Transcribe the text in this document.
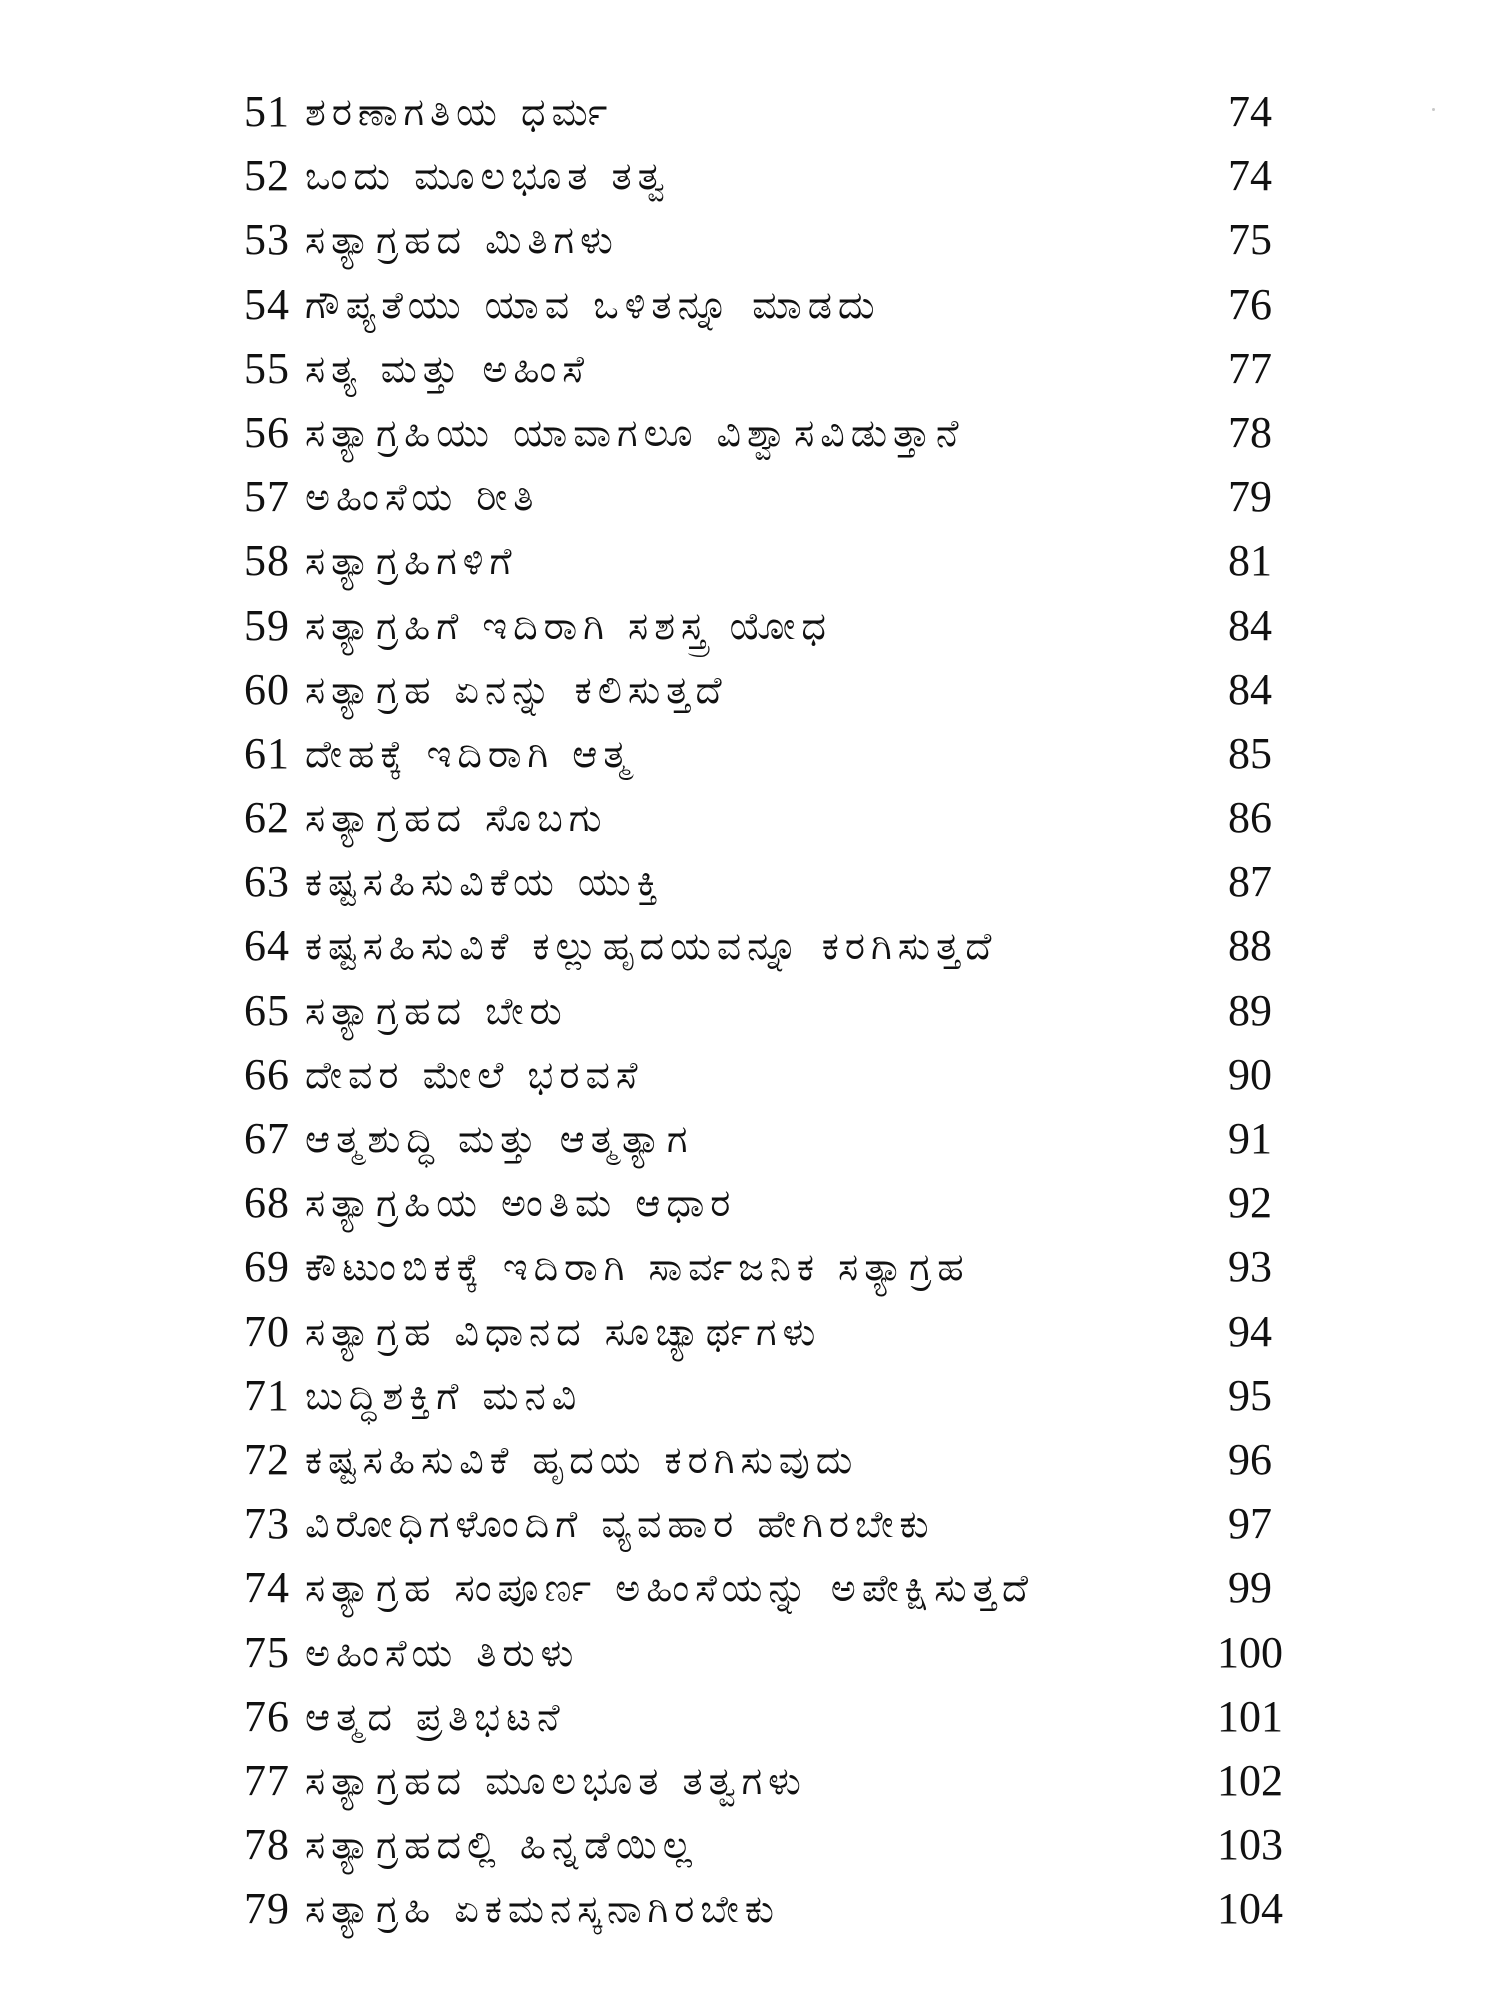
51 ಶರಣಾಗತಿಯ ಧರ್ಮ	74
52 ಒಂದು ಮೂಲಭೂತ ತತ್ವ	74
53 ಸತ್ಯಾಗ್ರಹದ ಮಿತಿಗಳು	75
54 ಗೌಪ್ಯತೆಯು ಯಾವ ಒಳಿತನ್ನೂ ಮಾಡದು	76
55 ಸತ್ಯ ಮತ್ತು ಅಹಿಂಸೆ	77
56 ಸತ್ಯಾಗ್ರಹಿಯು ಯಾವಾಗಲೂ ವಿಶ್ವಾಸವಿಡುತ್ತಾನೆ	78
57 ಅಹಿಂಸೆಯ ರೀತಿ	79
58 ಸತ್ಯಾಗ್ರಹಿಗಳಿಗೆ	81
59 ಸತ್ಯಾಗ್ರಹಿಗೆ ಇದಿರಾಗಿ ಸಶಸ್ತ್ರ ಯೋಧ	84
60 ಸತ್ಯಾಗ್ರಹ ಏನನ್ನು ಕಲಿಸುತ್ತದೆ	84
61 ದೇಹಕ್ಕೆ ಇದಿರಾಗಿ ಆತ್ಮ	85
62 ಸತ್ಯಾಗ್ರಹದ ಸೊಬಗು	86
63 ಕಷ್ಟಸಹಿಸುವಿಕೆಯ ಯುಕ್ತಿ	87
64 ಕಷ್ಟಸಹಿಸುವಿಕೆ ಕಲ್ಲುಹೃದಯವನ್ನೂ ಕರಗಿಸುತ್ತದೆ	88
65 ಸತ್ಯಾಗ್ರಹದ ಬೇರು	89
66 ದೇವರ ಮೇಲೆ ಭರವಸೆ	90
67 ಆತ್ಮಶುದ್ಧಿ ಮತ್ತು ಆತ್ಮತ್ಯಾಗ	91
68 ಸತ್ಯಾಗ್ರಹಿಯ ಅಂತಿಮ ಆಧಾರ	92
69 ಕೌಟುಂಬಿಕಕ್ಕೆ ಇದಿರಾಗಿ ಸಾರ್ವಜನಿಕ ಸತ್ಯಾಗ್ರಹ	93
70 ಸತ್ಯಾಗ್ರಹ ವಿಧಾನದ ಸೂಚ್ಯಾರ್ಥಗಳು	94
71 ಬುದ್ಧಿಶಕ್ತಿಗೆ ಮನವಿ	95
72 ಕಷ್ಟಸಹಿಸುವಿಕೆ ಹೃದಯ ಕರಗಿಸುವುದು	96
73 ವಿರೋಧಿಗಳೊಂದಿಗೆ ವ್ಯವಹಾರ ಹೇಗಿರಬೇಕು	97
74 ಸತ್ಯಾಗ್ರಹ ಸಂಪೂರ್ಣ ಅಹಿಂಸೆಯನ್ನು ಅಪೇಕ್ಷಿಸುತ್ತದೆ	99
75 ಅಹಿಂಸೆಯ ತಿರುಳು	100
76 ಆತ್ಮದ ಪ್ರತಿಭಟನೆ	101
77 ಸತ್ಯಾಗ್ರಹದ ಮೂಲಭೂತ ತತ್ವಗಳು	102
78 ಸತ್ಯಾಗ್ರಹದಲ್ಲಿ ಹಿನ್ನಡೆಯಿಲ್ಲ	103
79 ಸತ್ಯಾಗ್ರಹಿ ಏಕಮನಸ್ಕನಾಗಿರಬೇಕು	104
